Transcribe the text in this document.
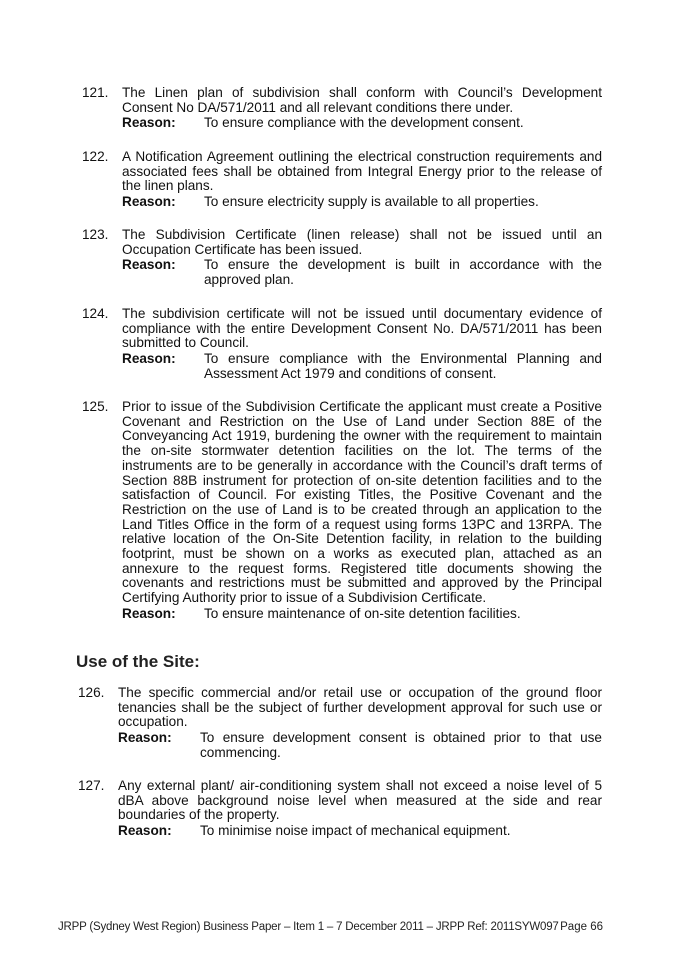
121. The Linen plan of subdivision shall conform with Council’s Development Consent No DA/571/2011 and all relevant conditions there under.
Reason: To ensure compliance with the development consent.
122. A Notification Agreement outlining the electrical construction requirements and associated fees shall be obtained from Integral Energy prior to the release of the linen plans.
Reason: To ensure electricity supply is available to all properties.
123. The Subdivision Certificate (linen release) shall not be issued until an Occupation Certificate has been issued.
Reason: To ensure the development is built in accordance with the approved plan.
124. The subdivision certificate will not be issued until documentary evidence of compliance with the entire Development Consent No. DA/571/2011 has been submitted to Council.
Reason: To ensure compliance with the Environmental Planning and Assessment Act 1979 and conditions of consent.
125. Prior to issue of the Subdivision Certificate the applicant must create a Positive Covenant and Restriction on the Use of Land under Section 88E of the Conveyancing Act 1919, burdening the owner with the requirement to maintain the on-site stormwater detention facilities on the lot. The terms of the instruments are to be generally in accordance with the Council’s draft terms of Section 88B instrument for protection of on-site detention facilities and to the satisfaction of Council. For existing Titles, the Positive Covenant and the Restriction on the use of Land is to be created through an application to the Land Titles Office in the form of a request using forms 13PC and 13RPA. The relative location of the On-Site Detention facility, in relation to the building footprint, must be shown on a works as executed plan, attached as an annexure to the request forms. Registered title documents showing the covenants and restrictions must be submitted and approved by the Principal Certifying Authority prior to issue of a Subdivision Certificate.
Reason: To ensure maintenance of on-site detention facilities.
Use of the Site:
126. The specific commercial and/or retail use or occupation of the ground floor tenancies shall be the subject of further development approval for such use or occupation.
Reason: To ensure development consent is obtained prior to that use commencing.
127. Any external plant/ air-conditioning system shall not exceed a noise level of 5 dBA above background noise level when measured at the side and rear boundaries of the property.
Reason: To minimise noise impact of mechanical equipment.
JRPP (Sydney West Region) Business Paper – Item 1 – 7 December 2011 – JRPP Ref: 2011SYW097 Page 66
